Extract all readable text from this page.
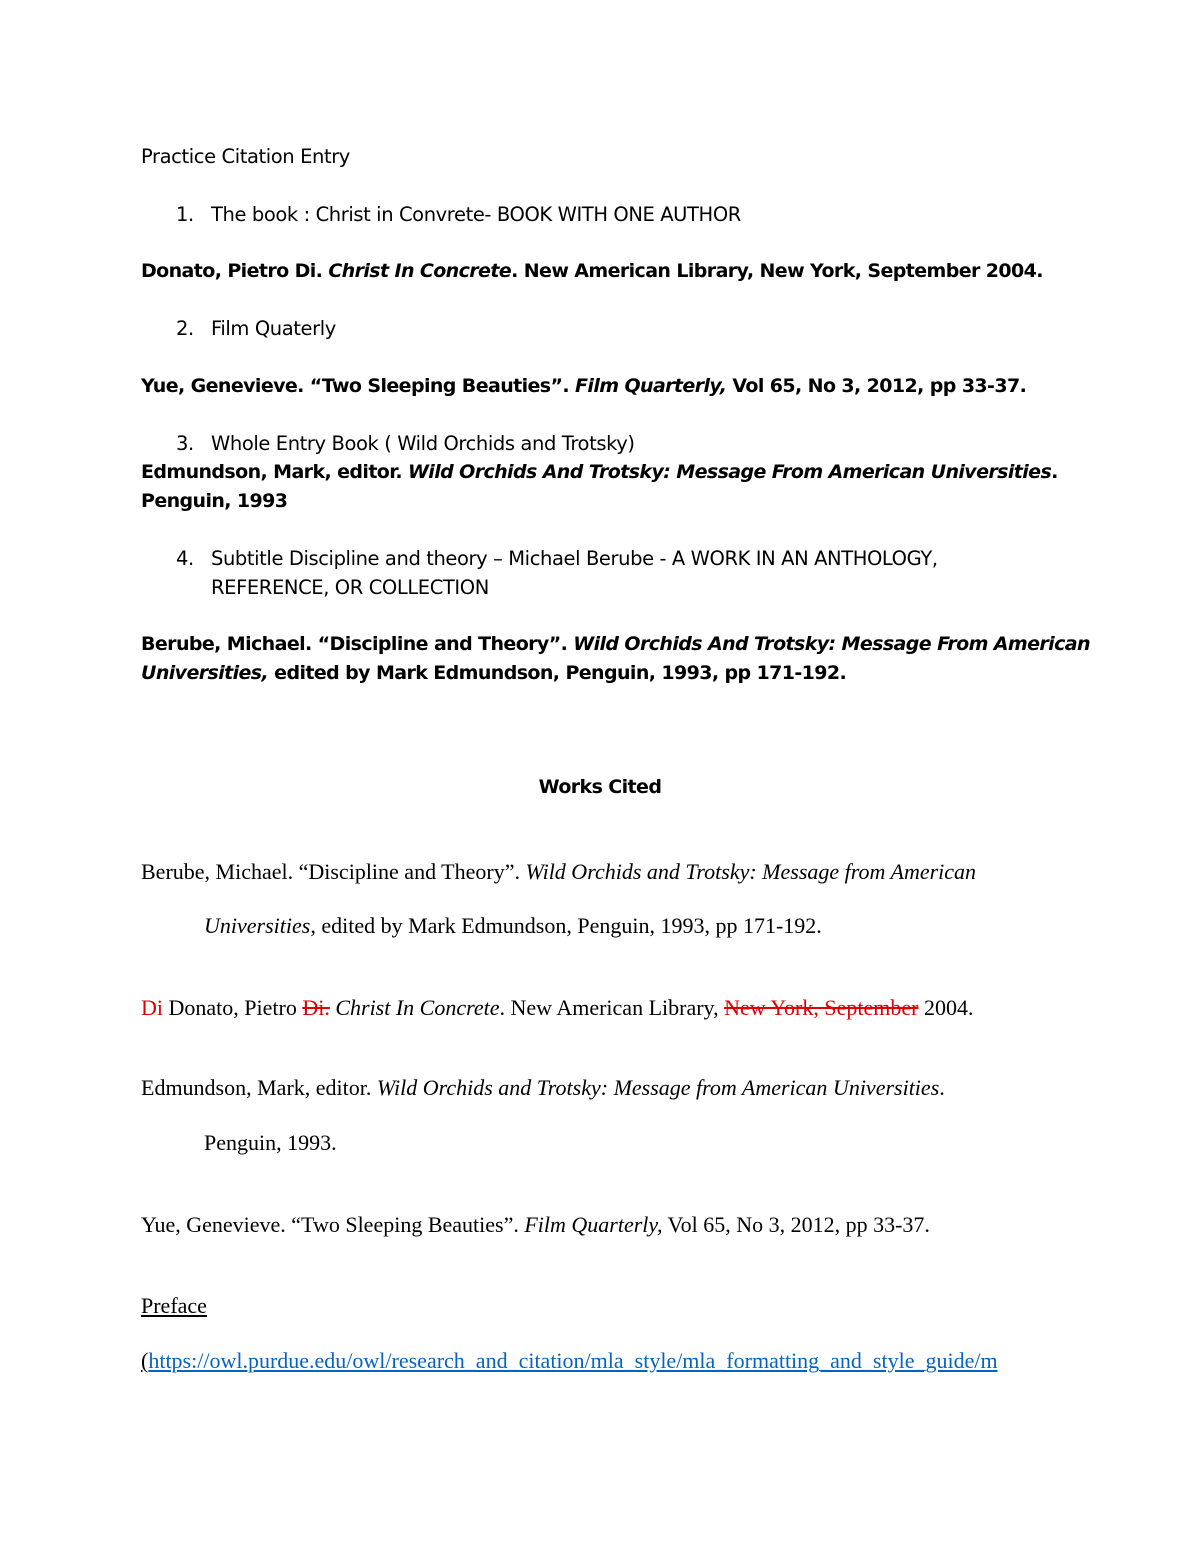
Practice Citation Entry
1. The book : Christ in Convrete- BOOK WITH ONE AUTHOR
Donato, Pietro Di. Christ In Concrete. New American Library, New York, September 2004.
2. Film Quaterly
Yue, Genevieve. “Two Sleeping Beauties”. Film Quarterly, Vol 65, No 3, 2012, pp 33-37.
3. Whole Entry Book ( Wild Orchids and Trotsky)
Edmundson, Mark, editor. Wild Orchids And Trotsky: Message From American Universities.
Penguin, 1993
4. Subtitle Discipline and theory – Michael Berube - A WORK IN AN ANTHOLOGY,
REFERENCE, OR COLLECTION
Berube, Michael. “Discipline and Theory”. Wild Orchids And Trotsky: Message From American
Universities, edited by Mark Edmundson, Penguin, 1993, pp 171-192.
Works Cited
Berube, Michael. “Discipline and Theory”. Wild Orchids and Trotsky: Message from American
Universities, edited by Mark Edmundson, Penguin, 1993, pp 171-192.
Di Donato, Pietro Di. Christ In Concrete. New American Library, New York, September 2004.
Edmundson, Mark, editor. Wild Orchids and Trotsky: Message from American Universities.
Penguin, 1993.
Yue, Genevieve. “Two Sleeping Beauties”. Film Quarterly, Vol 65, No 3, 2012, pp 33-37.
Preface
(https://owl.purdue.edu/owl/research_and_citation/mla_style/mla_formatting_and_style_guide/m
